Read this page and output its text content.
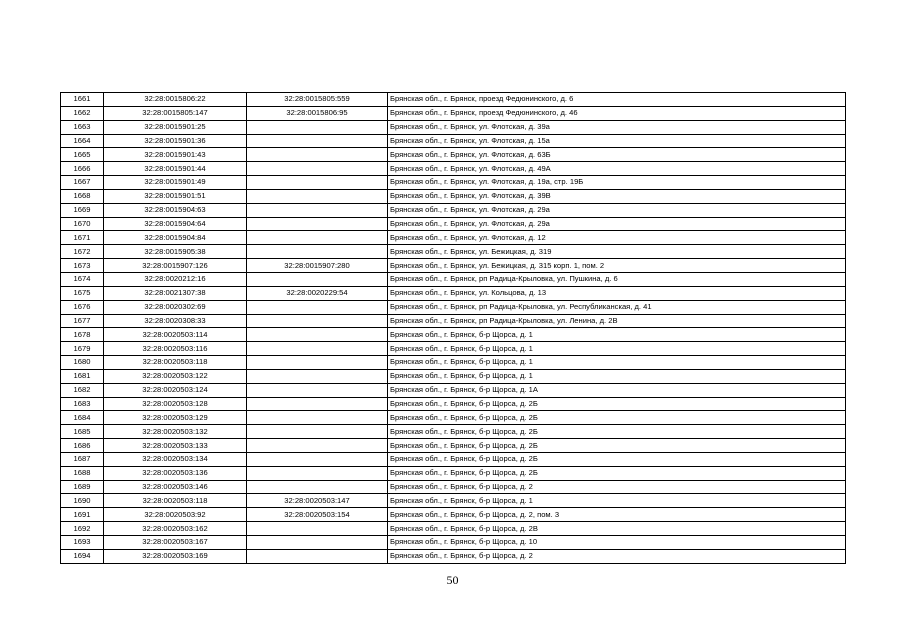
1661	32:28:0015806:22	32:28:0015805:559	Брянская обл., г. Брянск, проезд Федюнинского, д. 6
1662	32:28:0015805:147	32:28:0015806:95	Брянская обл., г. Брянск, проезд Федюнинского, д. 46
1663	32:28:0015901:25		Брянская обл., г. Брянск, ул. Флотская, д. 39а
1664	32:28:0015901:36		Брянская обл., г. Брянск, ул. Флотская, д. 15а
1665	32:28:0015901:43		Брянская обл., г. Брянск, ул. Флотская, д. 63Б
1666	32:28:0015901:44		Брянская обл., г. Брянск, ул. Флотская, д. 49А
1667	32:28:0015901:49		Брянская обл., г. Брянск, ул. Флотская, д. 19а, стр. 19Б
1668	32:28:0015901:51		Брянская обл., г. Брянск, ул. Флотская, д. 39В
1669	32:28:0015904:63		Брянская обл., г. Брянск, ул. Флотская, д. 29а
1670	32:28:0015904:64		Брянская обл., г. Брянск, ул. Флотская, д. 29а
1671	32:28:0015904:84		Брянская обл., г. Брянск, ул. Флотская, д. 12
1672	32:28:0015905:38		Брянская обл., г. Брянск, ул. Бежицкая, д. 319
1673	32:28:0015907:126	32:28:0015907:280	Брянская обл., г. Брянск, ул. Бежицкая, д. 315 корп. 1, пом. 2
1674	32:28:0020212:16		Брянская обл., г. Брянск, рп Радица-Крыловка, ул. Пушкина, д. 6
1675	32:28:0021307:38	32:28:0020229:54	Брянская обл., г. Брянск, ул. Кольцова, д. 13
1676	32:28:0020302:69		Брянская обл., г. Брянск, рп Радица-Крыловка, ул. Республиканская, д. 41
1677	32:28:0020308:33		Брянская обл., г. Брянск, рп Радица-Крыловка, ул. Ленина, д. 2В
1678	32:28:0020503:114		Брянская обл., г. Брянск, б-р Щорса, д. 1
1679	32:28:0020503:116		Брянская обл., г. Брянск, б-р Щорса, д. 1
1680	32:28:0020503:118		Брянская обл., г. Брянск, б-р Щорса, д. 1
1681	32:28:0020503:122		Брянская обл., г. Брянск, б-р Щорса, д. 1
1682	32:28:0020503:124		Брянская обл., г. Брянск, б-р Щорса, д. 1А
1683	32:28:0020503:128		Брянская обл., г. Брянск, б-р Щорса, д. 2Б
1684	32:28:0020503:129		Брянская обл., г. Брянск, б-р Щорса, д. 2Б
1685	32:28:0020503:132		Брянская обл., г. Брянск, б-р Щорса, д. 2Б
1686	32:28:0020503:133		Брянская обл., г. Брянск, б-р Щорса, д. 2Б
1687	32:28:0020503:134		Брянская обл., г. Брянск, б-р Щорса, д. 2Б
1688	32:28:0020503:136		Брянская обл., г. Брянск, б-р Щорса, д. 2Б
1689	32:28:0020503:146		Брянская обл., г. Брянск, б-р Щорса, д. 2
1690	32:28:0020503:118	32:28:0020503:147	Брянская обл., г. Брянск, б-р Щорса, д. 1
1691	32:28:0020503:92	32:28:0020503:154	Брянская обл., г. Брянск, б-р Щорса, д. 2, пом. 3
1692	32:28:0020503:162		Брянская обл., г. Брянск, б-р Щорса, д. 2В
1693	32:28:0020503:167		Брянская обл., г. Брянск, б-р Щорса, д. 10
1694	32:28:0020503:169		Брянская обл., г. Брянск, б-р Щорса, д. 2
50
